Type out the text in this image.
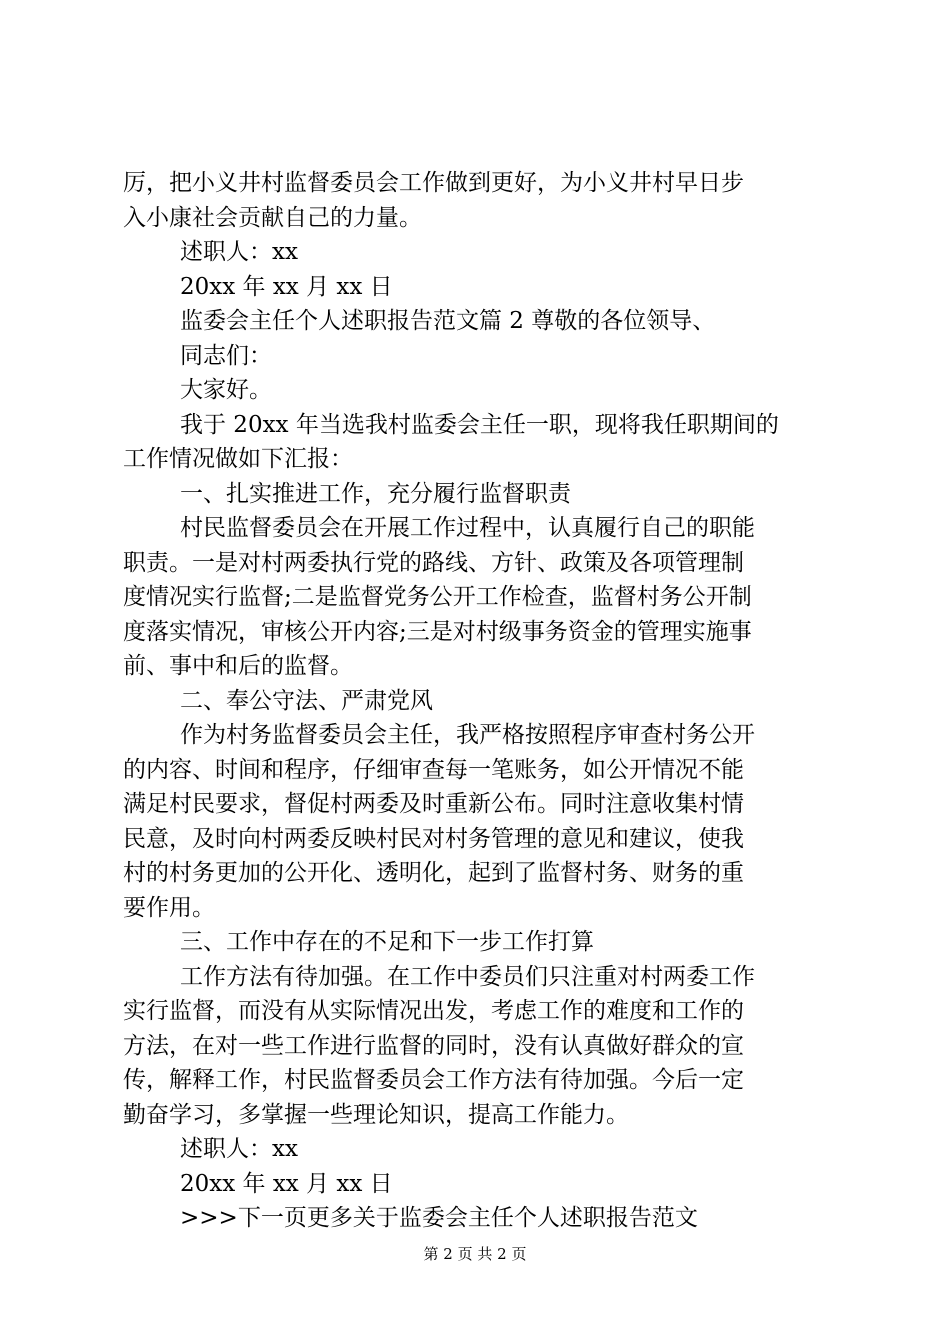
厉，把小义井村监督委员会工作做到更好，为小义井村早日步
入小康社会贡献自己的力量。
述职人：xx
20xx 年 xx 月 xx 日
监委会主任个人述职报告范文篇 2 尊敬的各位领导、
同志们：
大家好。
我于 20xx 年当选我村监委会主任一职，现将我任职期间的
工作情况做如下汇报：
一、扎实推进工作，充分履行监督职责
村民监督委员会在开展工作过程中，认真履行自己的职能
职责。一是对村两委执行党的路线、方针、政策及各项管理制
度情况实行监督;二是监督党务公开工作检查，监督村务公开制
度落实情况，审核公开内容;三是对村级事务资金的管理实施事
前、事中和后的监督。
二、奉公守法、严肃党风
作为村务监督委员会主任，我严格按照程序审查村务公开
的内容、时间和程序，仔细审查每一笔账务，如公开情况不能
满足村民要求，督促村两委及时重新公布。同时注意收集村情
民意，及时向村两委反映村民对村务管理的意见和建议，使我
村的村务更加的公开化、透明化，起到了监督村务、财务的重
要作用。
三、工作中存在的不足和下一步工作打算
工作方法有待加强。在工作中委员们只注重对村两委工作
实行监督，而没有从实际情况出发，考虑工作的难度和工作的
方法，在对一些工作进行监督的同时，没有认真做好群众的宣
传，解释工作，村民监督委员会工作方法有待加强。今后一定
勤奋学习，多掌握一些理论知识，提高工作能力。
述职人：xx
20xx 年 xx 月 xx 日
>>>下一页更多关于监委会主任个人述职报告范文
第 2 页 共 2 页
